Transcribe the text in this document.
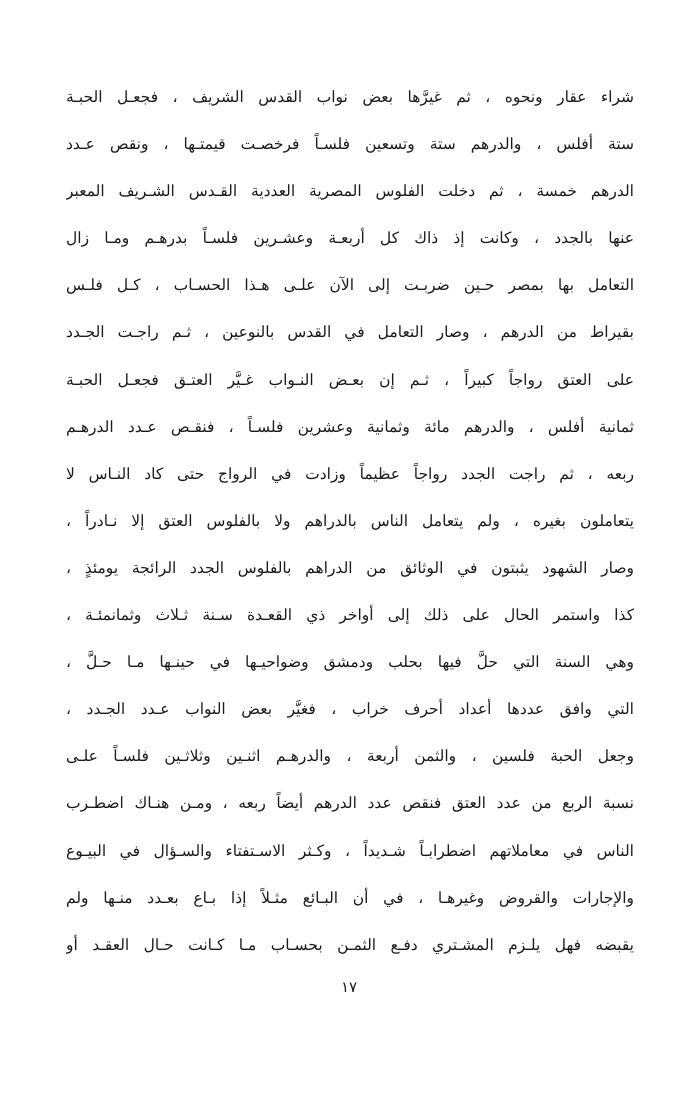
شراء عقار ونحوه ، ثم غيرَّها بعض نواب القدس الشريف ، فجعـل الحبـة
ستة أفلس ، والدرهم ستة وتسعين فلسـاً فرخصـت قيمتـها ، ونقص عـدد
الدرهم خمسة ، ثم دخلت الفلوس المصرية العددية القـدس الشـريف المعبر
عنها بالجدد ، وكانت إذ ذاك كل أربعـة وعشـرين فلسـاً بدرهـم ومـا زال
التعامل بها بمصر حـين ضربـت إلى الآن علـى هـذا الحسـاب ، كـل فلـس
بقيراط من الدرهم ، وصار التعامل في القدس بالنوعين ، ثـم راجـت الجـدد
على العتق رواجاً كبيراً ، ثـم إن بعـض النـواب غـيَّر العتـق فجعـل الحبـة
ثمانية أفلس ، والدرهم مائة وثمانية وعشرين فلسـاً ، فنقـص عـدد الدرهـم
ربعه ، ثم راجت الجدد رواجاً عظيماً وزادت في الرواج حتى كاد النـاس لا
يتعاملون بغيره ، ولم يتعامل الناس بالدراهم ولا بالفلوس العتق إلا نـادراً ،
وصار الشهود يثبتون في الوثائق من الدراهم بالفلوس الجدد الرائجة يومئذٍ ،
كذا واستمر الحال على ذلك إلى أواخر ذي القعـدة سـنة ثـلاث وثمانمئـة ،
وهي السنة التي حلَّ فيها بحلب ودمشق وضواحيـها في حينـها مـا حـلَّ ،
التي وافق عددها أعداد أحرف خراب ، فغيَّر بعض النواب عـدد الجـدد ،
وجعل الحبة فلسين ، والثمن أربعة ، والدرهـم اثنـين وثلاثـين فلسـاً علـى
نسبة الربع من عدد العتق فنقص عدد الدرهم أيضاً ربعه ، ومـن هنـاك اضطـرب
الناس في معاملاتهم اضطرابـاً شـديداً ، وكـثر الاسـتفتاء والسـؤال في البيـوع
والإجارات والقروض وغيرهـا ، في أن البـائع مثـلاً إذا بـاع بعـدد منـها ولم
يقبضه فهل يلـزم المشـتري دفـع الثمـن بحسـاب مـا كـانت حـال العقـد أو
١٧
